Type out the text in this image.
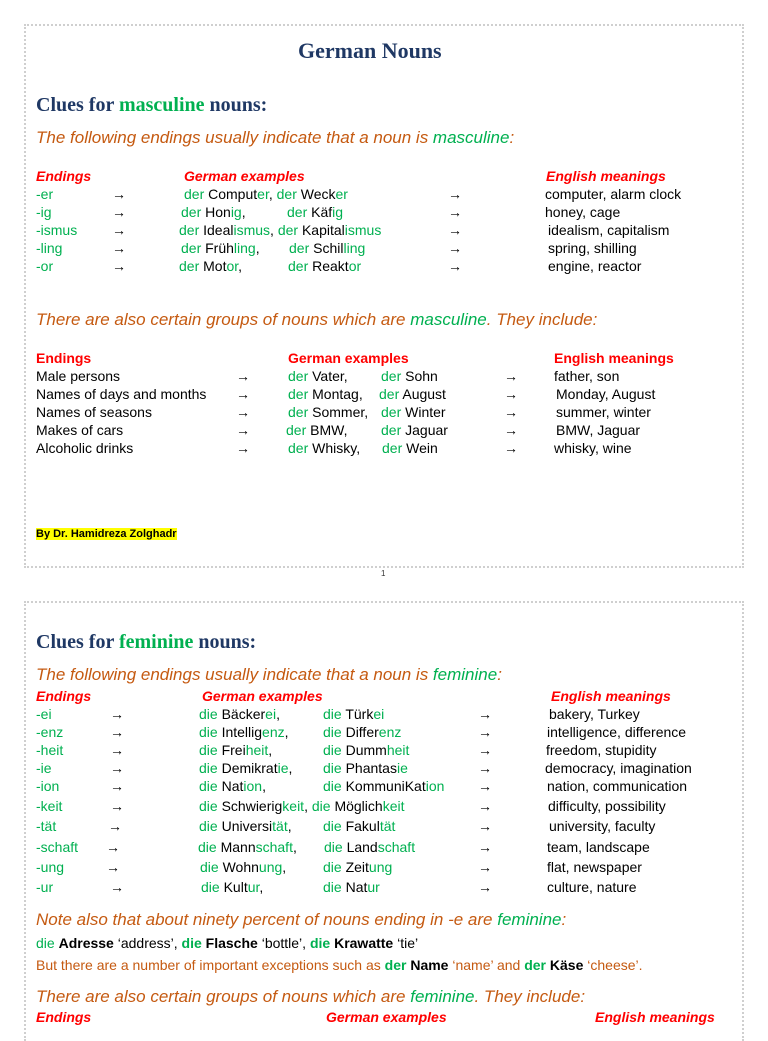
German Nouns
Clues for masculine nouns:
The following endings usually indicate that a noun is masculine:
Endings	German examples	English meanings
There are also certain groups of nouns which are masculine. They include:
Endings	German examples	English meanings
By Dr. Hamidreza Zolghadr
-er	→	der Computer, der Wecker	→	computer, alarm clock
-ig	→	der Honig,	der Käfig	→	honey, cage
-ismus →	der Idealismus, der Kapitalismus	→	idealism, capitalism
-ling	→	der Frühling, der Schilling	→	spring, shilling
-or	→	der Motor,	der Reaktor	→	engine, reactor
Male persons	→	der Vater, der Sohn	→	father, son
Names of days and months →	der Montag, der August	→	Monday, August
Names of seasons	→	der Sommer, der Winter	→	summer, winter
Makes of cars	→	der BMW, der Jaguar	→	BMW, Jaguar
Alcoholic drinks	→	der Whisky, der Wein	→	whisky, wine
1
Clues for feminine nouns:
The following endings usually indicate that a noun is feminine:
Endings	German examples	English meanings
Note also that about ninety percent of nouns ending in -e are feminine:
die Adresse ‘address’, die Flasche ‘bottle’, die Krawatte ‘tie’
But there are a number of important exceptions such as der Name ‘name’ and der Käse ‘cheese’.
There are also certain groups of nouns which are feminine. They include:
Endings	German examples	English meanings
-ei	→	die Bäckerei,	die Türkei	→	bakery, Turkey
-enz	→	die Intelligenz, die Differenz	→	intelligence, difference
-heit	→	die Freiheit,	die Dummheit	→	freedom, stupidity
-ie	→	die Demikratie, die Phantasie	→	democracy, imagination
-ion	→	die Nation,	die KommuniKation →	nation, communication
-keit	→	die Schwierigkeit, die Möglichkeit	→	difficulty, possibility
-tät	→	die Universität, die Fakultät	→	university, faculty
-schaft →	die Mannschaft, die Landschaft	→	team, landscape
-ung	→	die Wohnung,	die Zeitung	→	flat, newspaper
-ur	→	die Kultur,	die Natur	→	culture, nature
